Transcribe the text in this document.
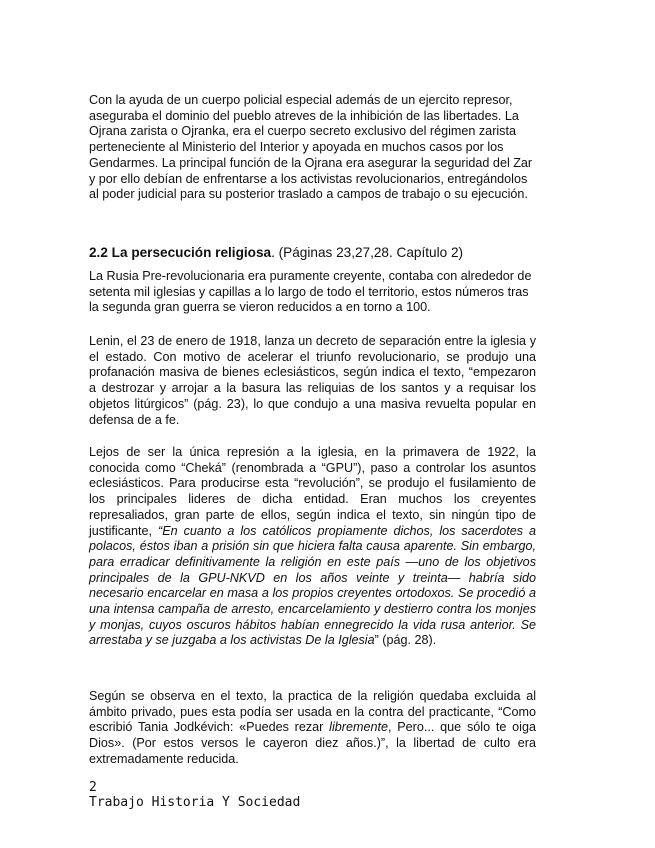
Con la ayuda de un cuerpo policial especial además de un ejercito represor, aseguraba el dominio del pueblo atreves de la inhibición de las libertades. La Ojrana zarista o Ojranka, era el cuerpo secreto exclusivo del régimen zarista perteneciente al Ministerio del Interior y apoyada en muchos casos por los Gendarmes. La principal función de la Ojrana era asegurar la seguridad del Zar y por ello debían de enfrentarse a los activistas revolucionarios, entregándolos al poder judicial para su posterior traslado a campos de trabajo o su ejecución.

2.2 La persecución religiosa. (Páginas 23,27,28. Capítulo 2)

La Rusia Pre-revolucionaria era puramente creyente, contaba con alrededor de setenta mil iglesias y capillas a lo largo de todo el territorio, estos números tras la segunda gran guerra se vieron reducidos a en torno a 100.

Lenin, el 23 de enero de 1918, lanza un decreto de separación entre la iglesia y el estado. Con motivo de acelerar el triunfo revolucionario, se produjo una profanación masiva de bienes eclesiásticos, según indica el texto, “empezaron a destrozar y arrojar a la basura las reliquias de los santos y a requisar los objetos litúrgicos” (pág. 23), lo que condujo a una masiva revuelta popular en defensa de a fe.

Lejos de ser la única represión a la iglesia, en la primavera de 1922, la conocida como “Cheká” (renombrada a “GPU”), paso a controlar los asuntos eclesiásticos. Para producirse esta “revolución”, se produjo el fusilamiento de los principales lideres de dicha entidad. Eran muchos los creyentes represaliados, gran parte de ellos, según indica el texto, sin ningún tipo de justificante, “En cuanto a los católicos propiamente dichos, los sacerdotes a polacos, éstos iban a prisión sin que hiciera falta causa aparente. Sin embargo, para erradicar definitivamente la religión en este país —uno de los objetivos principales de la GPU-NKVD en los años veinte y treinta— habría sido necesario encarcelar en masa a los propios creyentes ortodoxos. Se procedió a una intensa campaña de arresto, encarcelamiento y destierro contra los monjes y monjas, cuyos oscuros hábitos habían ennegrecido la vida rusa anterior. Se arrestaba y se juzgaba a los activistas De la Iglesia” (pág. 28).

Según se observa en el texto, la practica de la religión quedaba excluida al ámbito privado, pues esta podía ser usada en la contra del practicante, “Como escribió Tania Jodkévich: «Puedes rezar libremente, Pero... que sólo te oiga Dios». (Por estos versos le cayeron diez años.)”, la libertad de culto era extremadamente reducida.

2
Trabajo Historia Y Sociedad
